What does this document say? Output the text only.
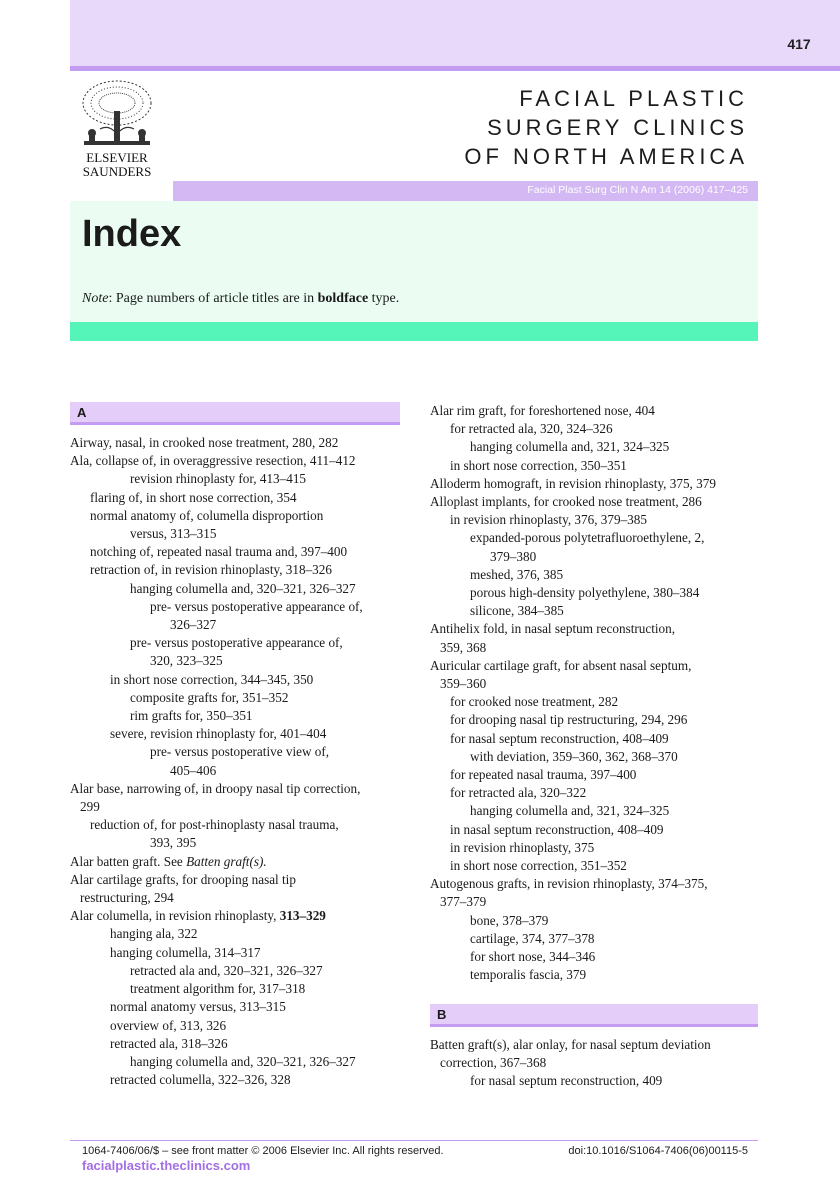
417
ELSEVIER
SAUNDERS
FACIAL PLASTIC
SURGERY CLINICS
OF NORTH AMERICA
Facial Plast Surg Clin N Am 14 (2006) 417–425
Index
Note: Page numbers of article titles are in boldface type.
A
Airway, nasal, in crooked nose treatment, 280, 282
Ala, collapse of, in overaggressive resection, 411–412
revision rhinoplasty for, 413–415
flaring of, in short nose correction, 354
normal anatomy of, columella disproportion
versus, 313–315
notching of, repeated nasal trauma and, 397–400
retraction of, in revision rhinoplasty, 318–326
hanging columella and, 320–321, 326–327
pre- versus postoperative appearance of,
326–327
pre- versus postoperative appearance of,
320, 323–325
in short nose correction, 344–345, 350
composite grafts for, 351–352
rim grafts for, 350–351
severe, revision rhinoplasty for, 401–404
pre- versus postoperative view of,
405–406
Alar base, narrowing of, in droopy nasal tip correction,
299
reduction of, for post-rhinoplasty nasal trauma,
393, 395
Alar batten graft. See Batten graft(s).
Alar cartilage grafts, for drooping nasal tip
restructuring, 294
Alar columella, in revision rhinoplasty, 313–329
hanging ala, 322
hanging columella, 314–317
retracted ala and, 320–321, 326–327
treatment algorithm for, 317–318
normal anatomy versus, 313–315
overview of, 313, 326
retracted ala, 318–326
hanging columella and, 320–321, 326–327
retracted columella, 322–326, 328
Alar rim graft, for foreshortened nose, 404
for retracted ala, 320, 324–326
hanging columella and, 321, 324–325
in short nose correction, 350–351
Alloderm homograft, in revision rhinoplasty, 375, 379
Alloplast implants, for crooked nose treatment, 286
in revision rhinoplasty, 376, 379–385
expanded-porous polytetrafluoroethylene, 2,
379–380
meshed, 376, 385
porous high-density polyethylene, 380–384
silicone, 384–385
Antihelix fold, in nasal septum reconstruction,
359, 368
Auricular cartilage graft, for absent nasal septum,
359–360
for crooked nose treatment, 282
for drooping nasal tip restructuring, 294, 296
for nasal septum reconstruction, 408–409
with deviation, 359–360, 362, 368–370
for repeated nasal trauma, 397–400
for retracted ala, 320–322
hanging columella and, 321, 324–325
in nasal septum reconstruction, 408–409
in revision rhinoplasty, 375
in short nose correction, 351–352
Autogenous grafts, in revision rhinoplasty, 374–375,
377–379
bone, 378–379
cartilage, 374, 377–378
for short nose, 344–346
temporalis fascia, 379
B
Batten graft(s), alar onlay, for nasal septum deviation
correction, 367–368
for nasal septum reconstruction, 409
1064-7406/06/$ – see front matter © 2006 Elsevier Inc. All rights reserved.
facialplastic.theclinics.com
doi:10.1016/S1064-7406(06)00115-5
